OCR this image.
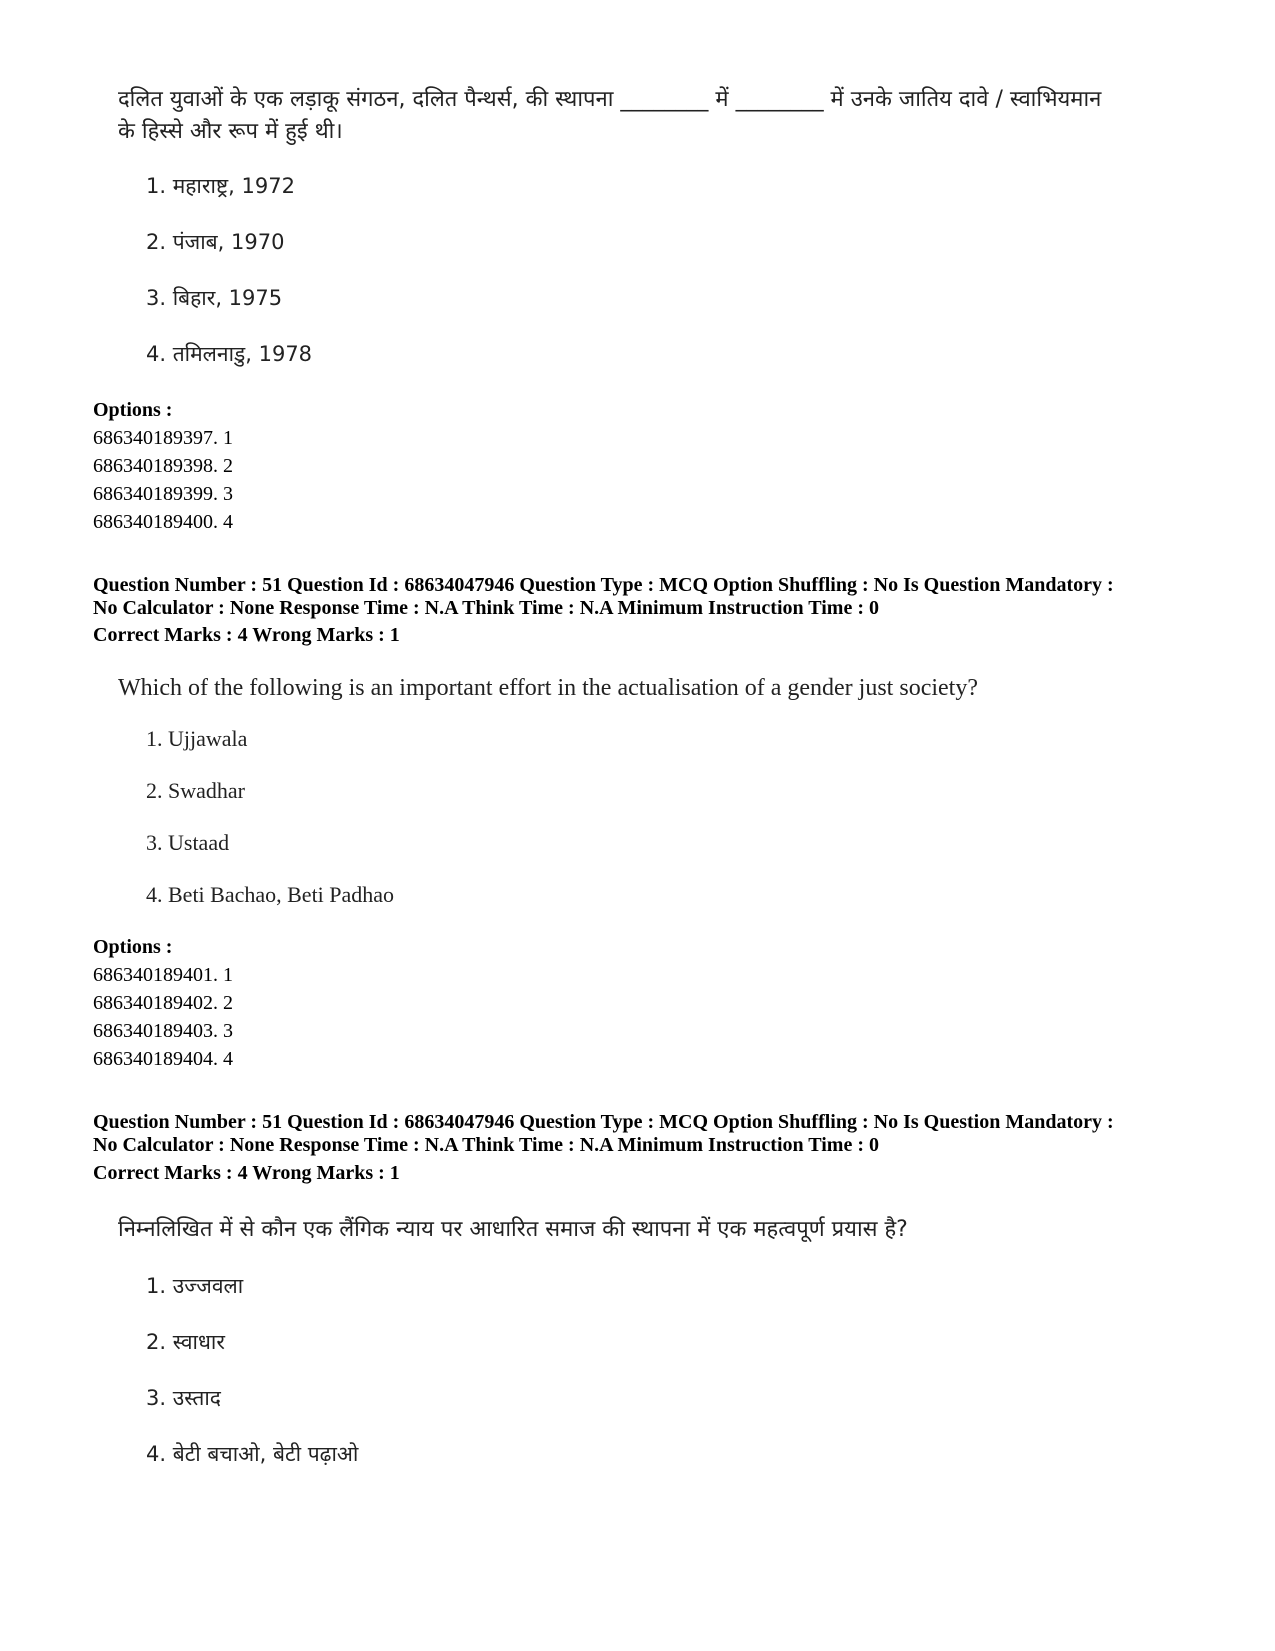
दलित युवाओं के एक लड़ाकू संगठन, दलित पैन्थर्स, की स्थापना ________ में ________ में उनके जातिय दावे / स्वाभियमान के हिस्से और रूप में हुई थी।
1. महाराष्ट्र, 1972
2. पंजाब, 1970
3. बिहार, 1975
4. तमिलनाडु, 1978
Options :
686340189397. 1
686340189398. 2
686340189399. 3
686340189400. 4
Question Number : 51 Question Id : 68634047946 Question Type : MCQ Option Shuffling : No Is Question Mandatory :
No Calculator : None Response Time : N.A Think Time : N.A Minimum Instruction Time : 0
Correct Marks : 4 Wrong Marks : 1
Which of the following is an important effort in the actualisation of a gender just society?
1. Ujjawala
2. Swadhar
3. Ustaad
4. Beti Bachao, Beti Padhao
Options :
686340189401. 1
686340189402. 2
686340189403. 3
686340189404. 4
Question Number : 51 Question Id : 68634047946 Question Type : MCQ Option Shuffling : No Is Question Mandatory :
No Calculator : None Response Time : N.A Think Time : N.A Minimum Instruction Time : 0
Correct Marks : 4 Wrong Marks : 1
निम्नलिखित में से कौन एक लैंगिक न्याय पर आधारित समाज की स्थापना में एक महत्वपूर्ण प्रयास है?
1. उज्जवला
2. स्वाधार
3. उस्ताद
4. बेटी बचाओ, बेटी पढ़ाओ
